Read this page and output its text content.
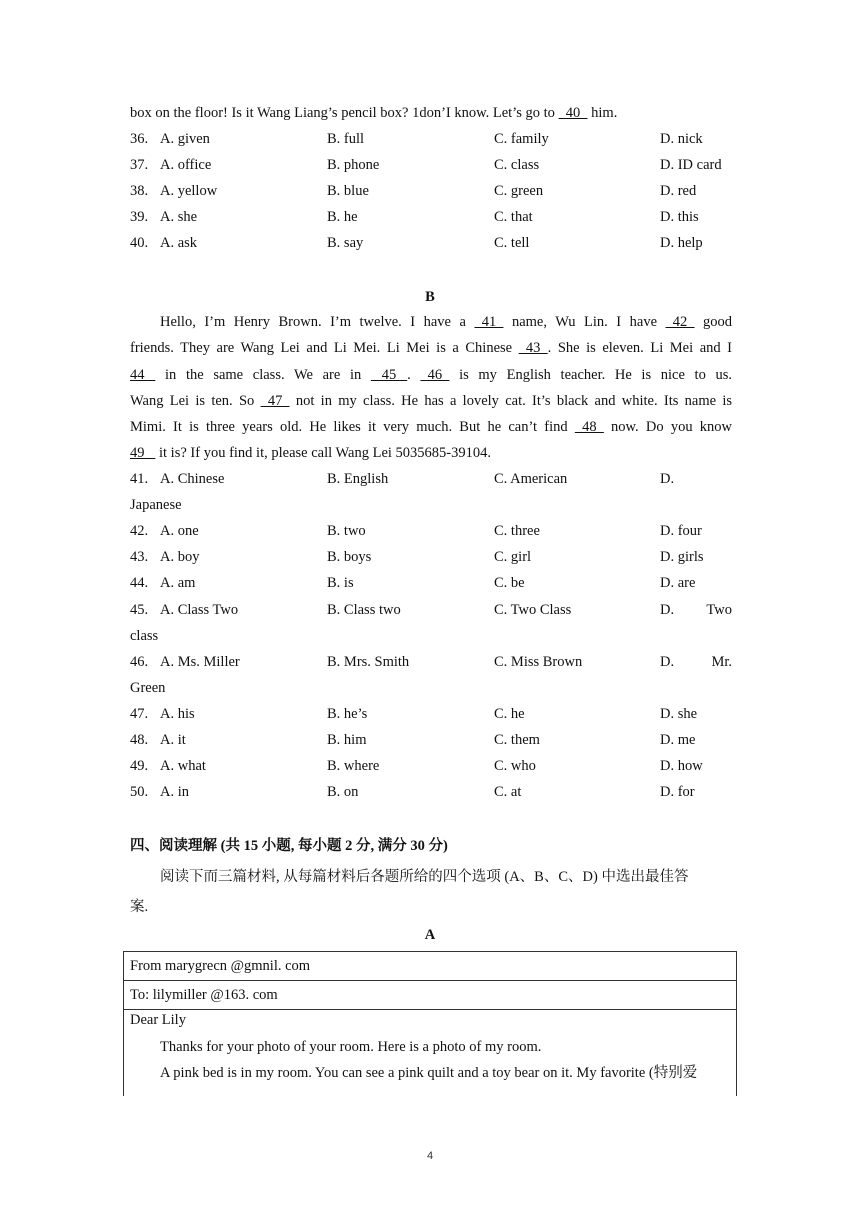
box on the floor! Is it Wang Liang’s pencil box? 1don’I know. Let’s go to   40   him.
36. A. given	B. full	C. family	D. nick
37. A. office	B. phone	C. class	D. ID card
38. A. yellow	B. blue	C. green	D. red
39. A. she	B. he	C. that	D. this
40. A. ask	B. say	C. tell	D. help
B
Hello, I’m Henry Brown. I’m twelve. I have a   41   name, Wu Lin. I have   42   good
friends. They are Wang Lei and Li Mei. Li Mei is a Chinese   43  . She is eleven. Li Mei and I
44    in the same class. We are in    45   .   46   is my English teacher. He is nice to us.
Wang Lei is ten. So   47   not in my class. He has a lovely cat. It’s black and white. Its name is
Mimi. It is three years old. He likes it very much. But he can’t find   48   now. Do you know
49    it is? If you find it, please call Wang Lei 5035685-39104.
41. A. Chinese	B. English	C. American	D.
Japanese
42. A. one	B. two	C. three	D. four
43. A. boy	B. boys	C. girl	D. girls
44. A. am	B. is	C. be	D. are
45. A. Class Two	B. Class two	C. Two Class	D. Two
class
46. A. Ms. Miller	B. Mrs. Smith	C. Miss Brown	D.	Mr.
Green
47. A. his	B. he’s	C. he	D. she
48. A. it	B. him	C. them	D. me
49. A. what	B. where	C. who	D. how
50. A. in	B. on	C. at	D. for
四、阅读理解 (共 15 小题, 每小题 2 分, 满分 30 分)
阅读下而三篇材料, 从每篇材料后各题所给的四个选项 (A、B、C、D) 中选出最佳答
案.
A
From marygrecn @gmnil. com
To: lilymiller @163. com
Dear Lily
Thanks for your photo of your room. Here is a photo of my room.
A pink bed is in my room. You can see a pink quilt and a toy bear on it. My favorite (特别爱
4
